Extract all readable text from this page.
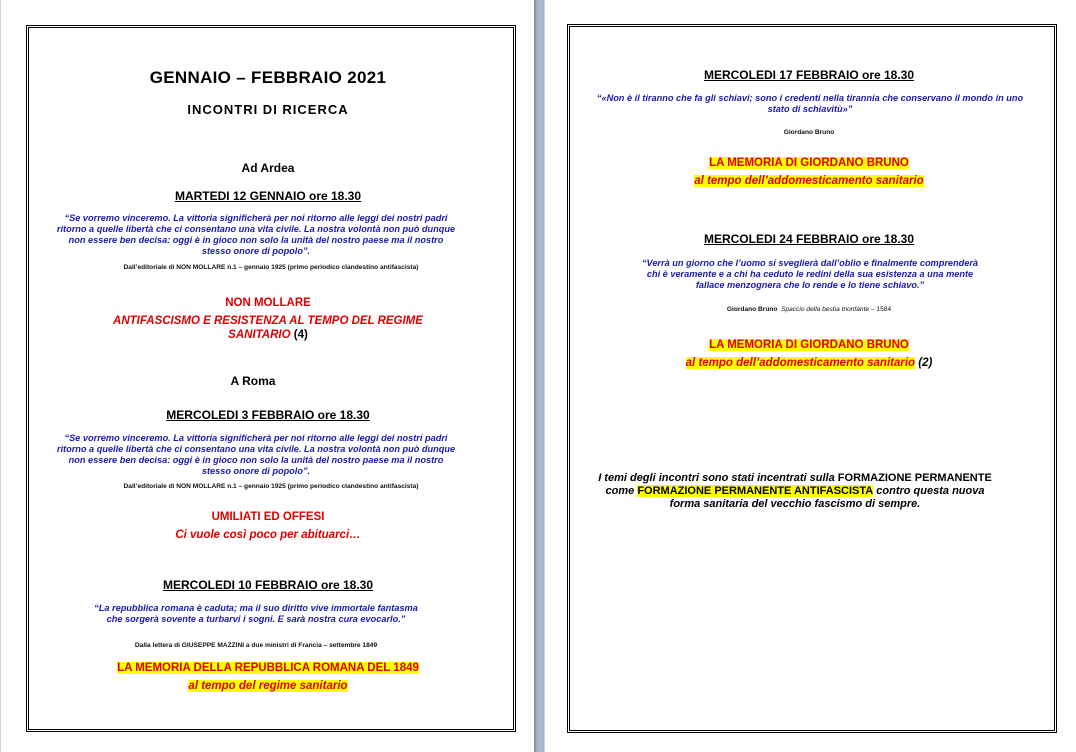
GENNAIO – FEBBRAIO 2021
INCONTRI DI RICERCA
Ad Ardea
MARTEDI 12 GENNAIO ore 18.30
“Se vorremo vinceremo. La vittoria significherà per noi ritorno alle leggi dei nostri padri ritorno a quelle libertà che ci consentano una vita civile. La nostra volontà non può dunque non essere ben decisa: oggi è in gioco non solo la unità del nostro paese ma il nostro stesso onore di popolo”.
Dall’editoriale di NON MOLLARE n.1 – gennaio 1925 (primo periodico clandestino antifascista)
NON MOLLARE
ANTIFASCISMO E RESISTENZA AL TEMPO DEL REGIME SANITARIO (4)
A Roma
MERCOLEDI 3 FEBBRAIO ore 18.30
“Se vorremo vinceremo. La vittoria significherà per noi ritorno alle leggi dei nostri padri ritorno a quelle libertà che ci consentano una vita civile. La nostra volontà non può dunque non essere ben decisa: oggi è in gioco non solo la unità del nostro paese ma il nostro stesso onore di popolo”.
Dall’editoriale di NON MOLLARE n.1 – gennaio 1925 (primo periodico clandestino antifascista)
UMILIATI ED OFFESI
Ci vuole così poco per abituarci…
MERCOLEDI 10 FEBBRAIO ore 18.30
“La repubblica romana è caduta; ma il suo diritto vive immortale fantasma che sorgerà sovente a turbarvi i sogni. E sarà nostra cura evocarlo.”
Dalla lettera di GIUSEPPE MAZZINI a due ministri di Francia – settembre 1849
LA MEMORIA DELLA REPUBBLICA ROMANA DEL 1849
al tempo del regime sanitario
MERCOLEDI 17 FEBBRAIO ore 18.30
“«Non è il tiranno che fa gli schiavi; sono i credenti nella tirannia che conservano il mondo in uno stato di schiavitù»”
Giordano Bruno
LA MEMORIA DI GIORDANO BRUNO
al tempo dell’addomesticamento sanitario
MERCOLEDI 24 FEBBRAIO ore 18.30
“Verrà un giorno che l’uomo si sveglierà dall’oblio e finalmente comprenderà chi è veramente e a chi ha ceduto le redini della sua esistenza a una mente fallace menzognera che lo rende e lo tiene schiavo.”
Giordano Bruno Spaccio della bestia trionfante – 1584
LA MEMORIA DI GIORDANO BRUNO
al tempo dell’addomesticamento sanitario (2)
I temi degli incontri sono stati incentrati sulla FORMAZIONE PERMANENTE come FORMAZIONE PERMANENTE ANTIFASCISTA contro questa nuova forma sanitaria del vecchio fascismo di sempre.
